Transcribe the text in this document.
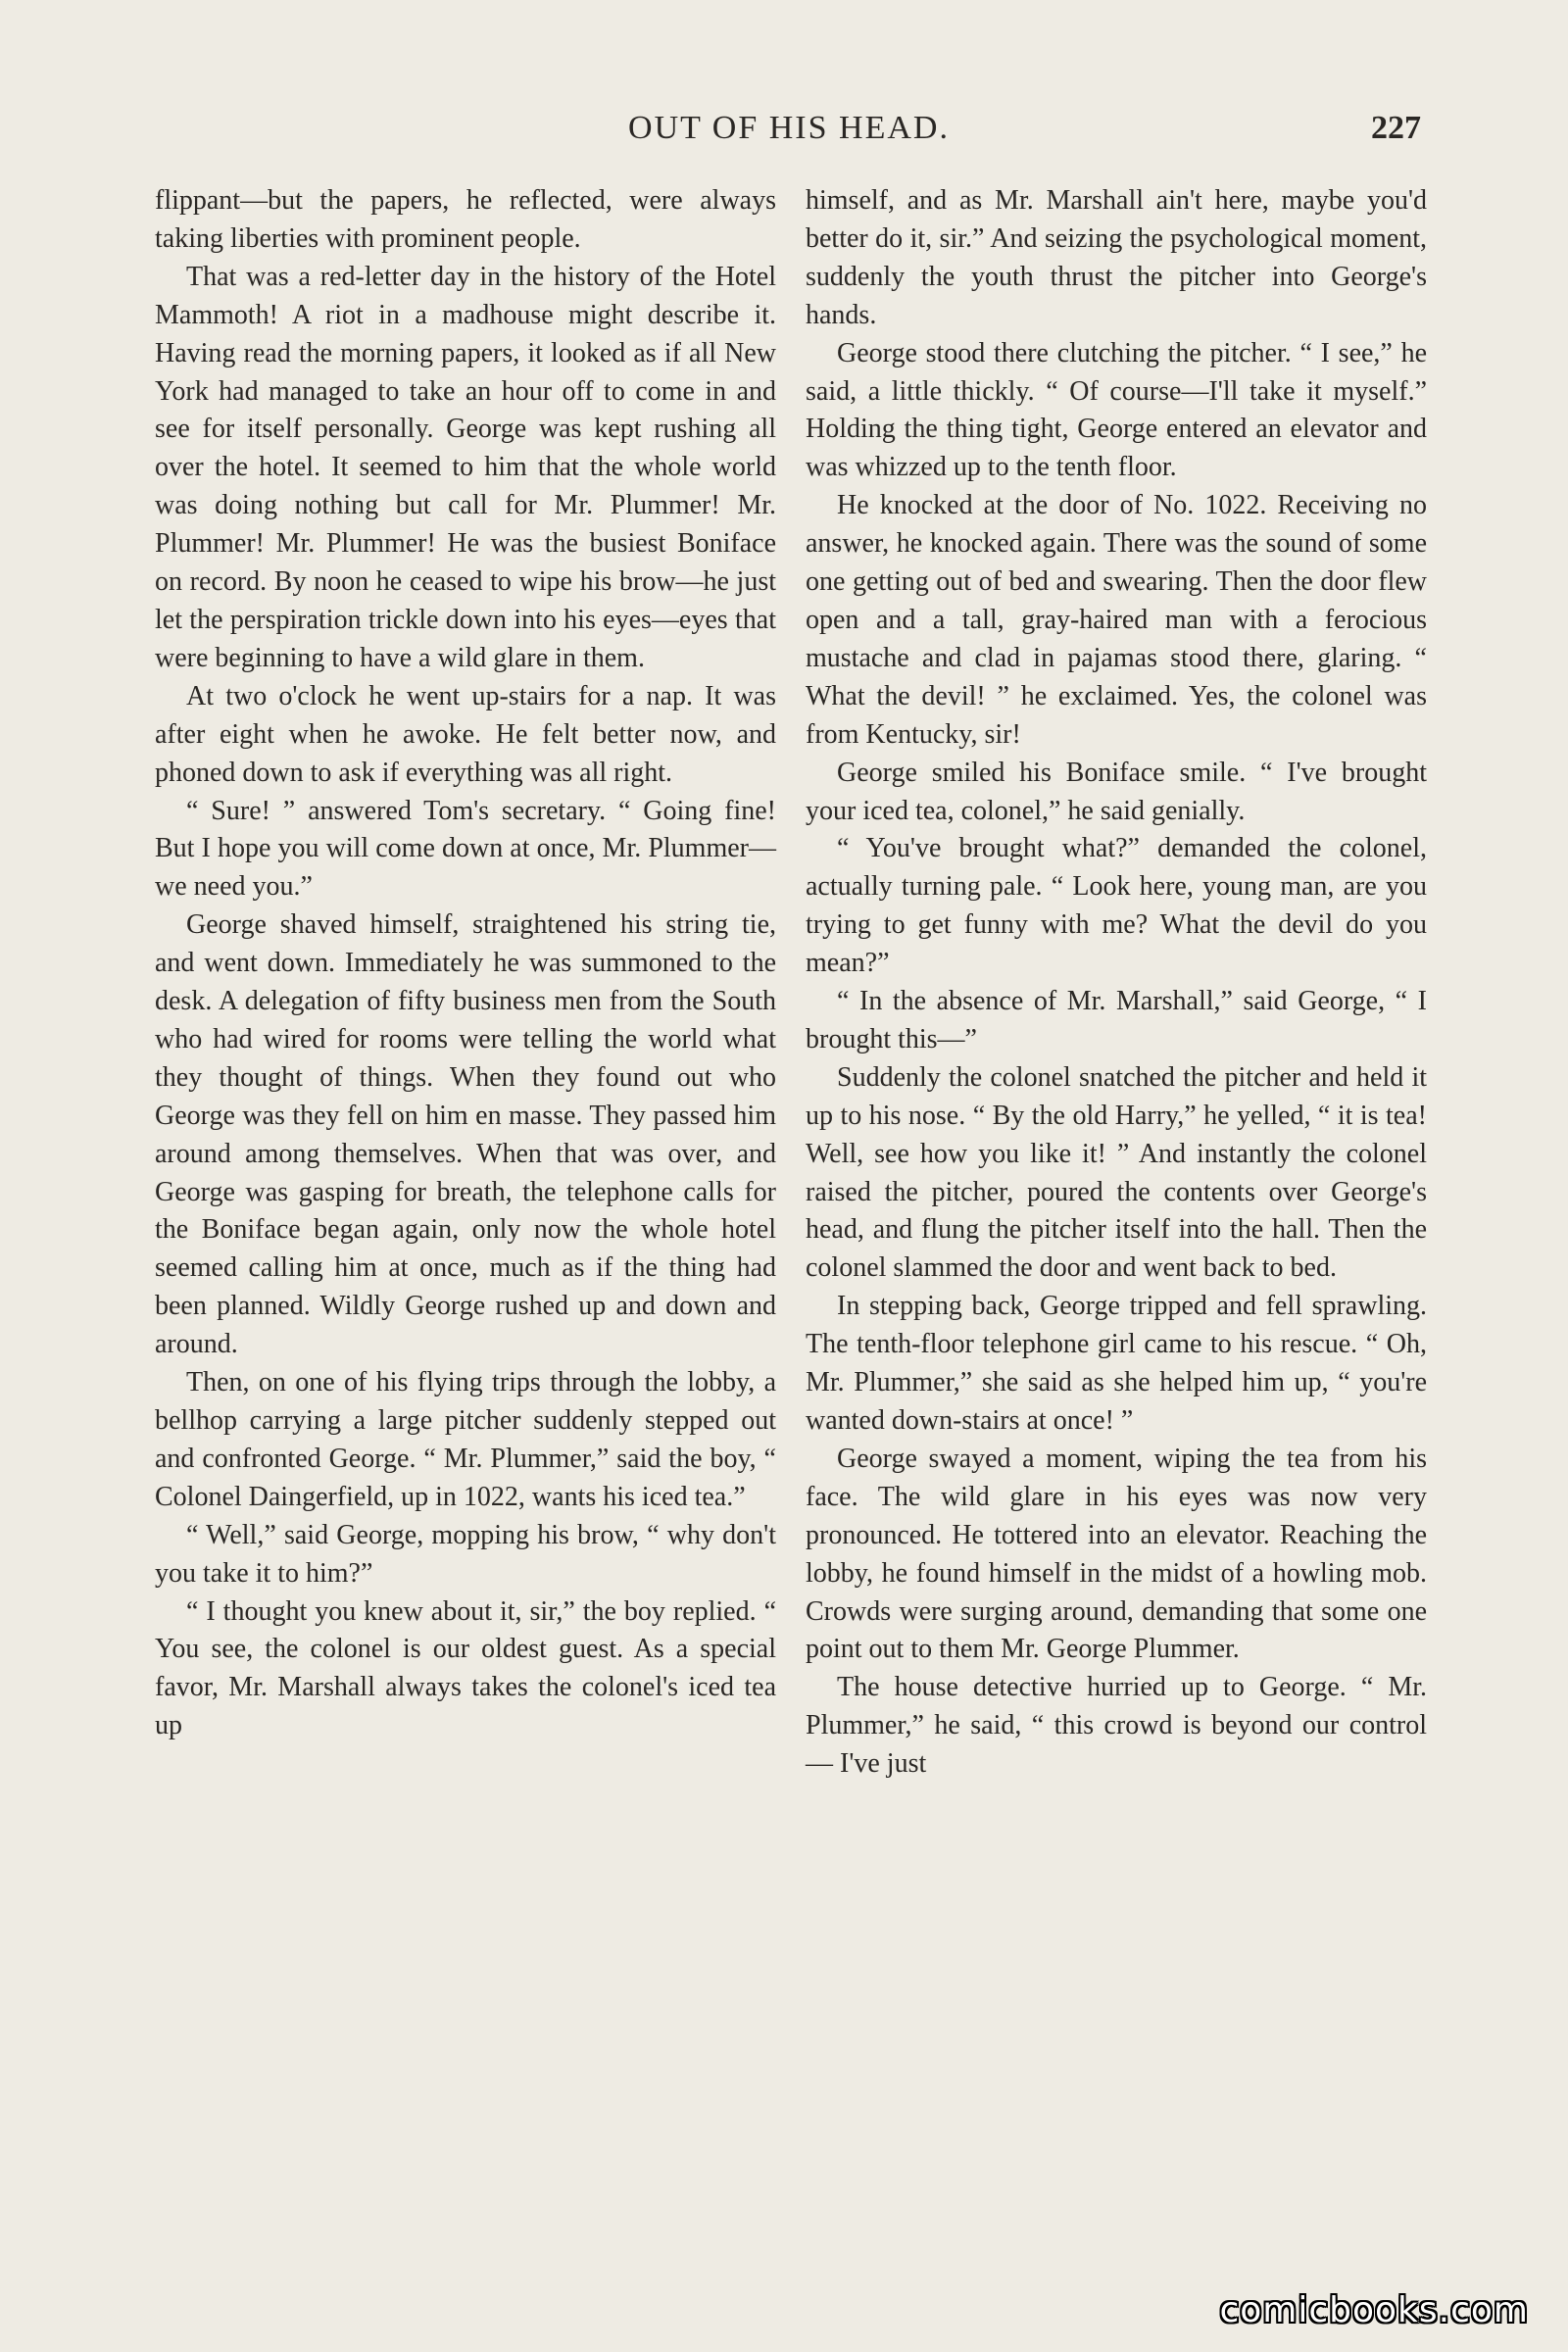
OUT OF HIS HEAD.	227

flippant—but the papers, he reflected, were always taking liberties with prominent people.

That was a red-letter day in the history of the Hotel Mammoth! A riot in a madhouse might describe it. Having read the morning papers, it looked as if all New York had managed to take an hour off to come in and see for itself personally. George was kept rushing all over the hotel. It seemed to him that the whole world was doing nothing but call for Mr. Plummer! Mr. Plummer! Mr. Plummer! He was the busiest Boniface on record. By noon he ceased to wipe his brow—he just let the perspiration trickle down into his eyes—eyes that were beginning to have a wild glare in them.

At two o'clock he went up-stairs for a nap. It was after eight when he awoke. He felt better now, and phoned down to ask if everything was all right.

“ Sure! ” answered Tom's secretary. “ Going fine! But I hope you will come down at once, Mr. Plummer—we need you.”

George shaved himself, straightened his string tie, and went down. Immediately he was summoned to the desk. A delegation of fifty business men from the South who had wired for rooms were telling the world what they thought of things. When they found out who George was they fell on him en masse. They passed him around among themselves. When that was over, and George was gasping for breath, the telephone calls for the Boniface began again, only now the whole hotel seemed calling him at once, much as if the thing had been planned. Wildly George rushed up and down and around.

Then, on one of his flying trips through the lobby, a bellhop carrying a large pitcher suddenly stepped out and confronted George. “ Mr. Plummer,” said the boy, “ Colonel Daingerfield, up in 1022, wants his iced tea.”

“ Well,” said George, mopping his brow, “ why don't you take it to him?”

“ I thought you knew about it, sir,” the boy replied. “ You see, the colonel is our oldest guest. As a special favor, Mr. Marshall always takes the colonel's iced tea up

himself, and as Mr. Marshall ain't here, maybe you'd better do it, sir.” And seizing the psychological moment, suddenly the youth thrust the pitcher into George's hands.

George stood there clutching the pitcher. “ I see,” he said, a little thickly. “ Of course—I'll take it myself.” Holding the thing tight, George entered an elevator and was whizzed up to the tenth floor.

He knocked at the door of No. 1022. Receiving no answer, he knocked again. There was the sound of some one getting out of bed and swearing. Then the door flew open and a tall, gray-haired man with a ferocious mustache and clad in pajamas stood there, glaring. “ What the devil! ” he exclaimed. Yes, the colonel was from Kentucky, sir!

George smiled his Boniface smile. “ I've brought your iced tea, colonel,” he said genially.

“ You've brought what?” demanded the colonel, actually turning pale. “ Look here, young man, are you trying to get funny with me? What the devil do you mean?”

“ In the absence of Mr. Marshall,” said George, “ I brought this—”

Suddenly the colonel snatched the pitcher and held it up to his nose. “ By the old Harry,” he yelled, “ it is tea! Well, see how you like it! ” And instantly the colonel raised the pitcher, poured the contents over George's head, and flung the pitcher itself into the hall. Then the colonel slammed the door and went back to bed.

In stepping back, George tripped and fell sprawling. The tenth-floor telephone girl came to his rescue. “ Oh, Mr. Plummer,” she said as she helped him up, “ you're wanted down-stairs at once! ”

George swayed a moment, wiping the tea from his face. The wild glare in his eyes was now very pronounced. He tottered into an elevator. Reaching the lobby, he found himself in the midst of a howling mob. Crowds were surging around, demanding that some one point out to them Mr. George Plummer.

The house detective hurried up to George. “ Mr. Plummer,” he said, “ this crowd is beyond our control — I've just

comicbooks.com
